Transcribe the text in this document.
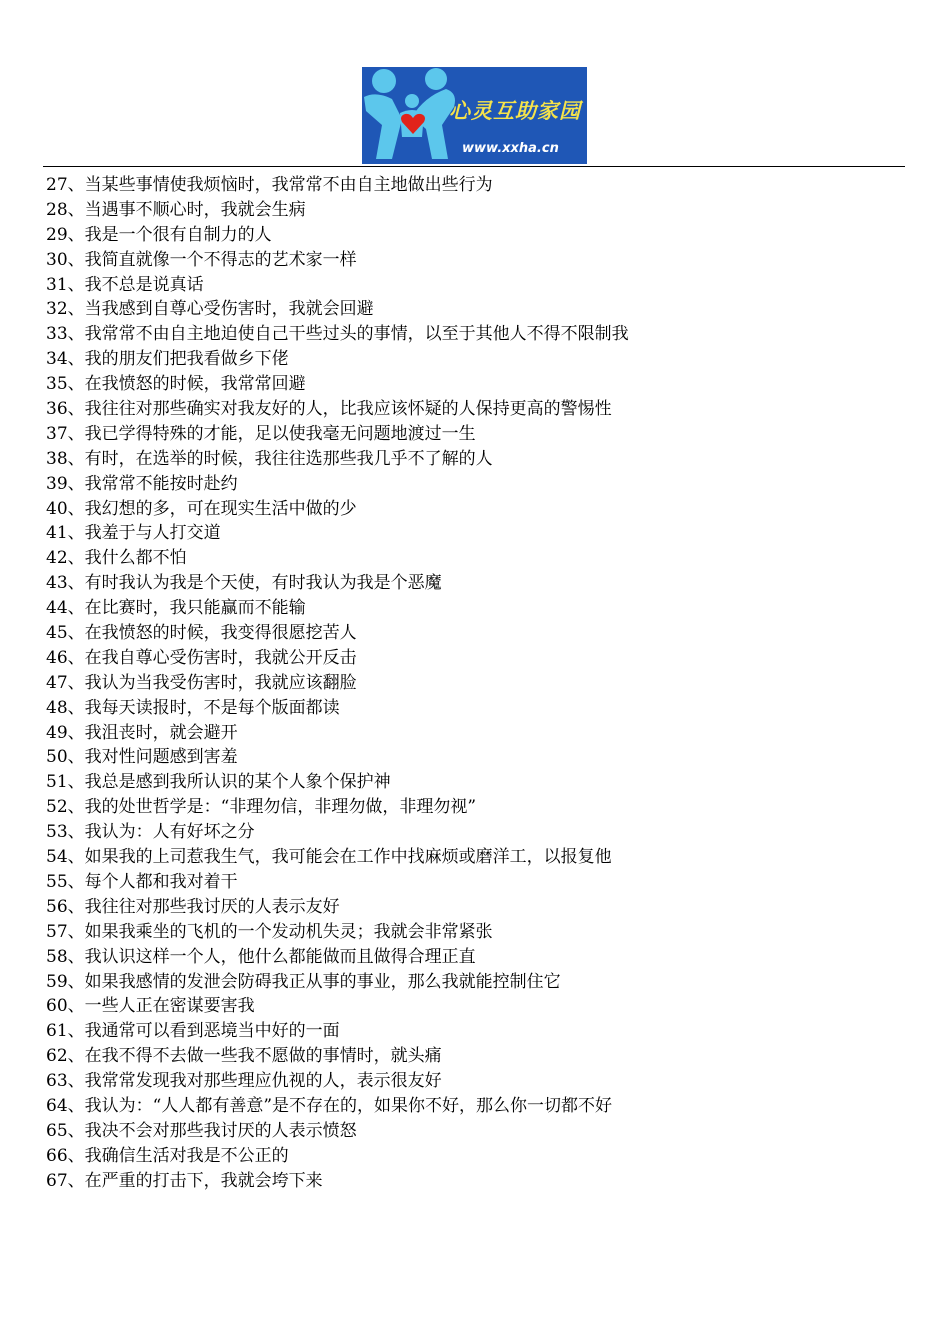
心灵互助家园
www.xxha.cn
27、当某些事情使我烦恼时，我常常不由自主地做出些行为
28、当遇事不顺心时，我就会生病
29、我是一个很有自制力的人
30、我简直就像一个不得志的艺术家一样
31、我不总是说真话
32、当我感到自尊心受伤害时，我就会回避
33、我常常不由自主地迫使自己干些过头的事情，以至于其他人不得不限制我
34、我的朋友们把我看做乡下佬
35、在我愤怒的时候，我常常回避
36、我往往对那些确实对我友好的人，比我应该怀疑的人保持更高的警惕性
37、我已学得特殊的才能，足以使我毫无问题地渡过一生
38、有时，在选举的时候，我往往选那些我几乎不了解的人
39、我常常不能按时赴约
40、我幻想的多，可在现实生活中做的少
41、我羞于与人打交道
42、我什么都不怕
43、有时我认为我是个天使，有时我认为我是个恶魔
44、在比赛时，我只能赢而不能输
45、在我愤怒的时候，我变得很愿挖苦人
46、在我自尊心受伤害时，我就公开反击
47、我认为当我受伤害时，我就应该翻脸
48、我每天读报时，不是每个版面都读
49、我沮丧时，就会避开
50、我对性问题感到害羞
51、我总是感到我所认识的某个人象个保护神
52、我的处世哲学是：“非理勿信，非理勿做，非理勿视”
53、我认为：人有好坏之分
54、如果我的上司惹我生气，我可能会在工作中找麻烦或磨洋工，以报复他
55、每个人都和我对着干
56、我往往对那些我讨厌的人表示友好
57、如果我乘坐的飞机的一个发动机失灵；我就会非常紧张
58、我认识这样一个人，他什么都能做而且做得合理正直
59、如果我感情的发泄会防碍我正从事的事业，那么我就能控制住它
60、一些人正在密谋要害我
61、我通常可以看到恶境当中好的一面
62、在我不得不去做一些我不愿做的事情时，就头痛
63、我常常发现我对那些理应仇视的人，表示很友好
64、我认为：“人人都有善意”是不存在的，如果你不好，那么你一切都不好
65、我决不会对那些我讨厌的人表示愤怒
66、我确信生活对我是不公正的
67、在严重的打击下，我就会垮下来
